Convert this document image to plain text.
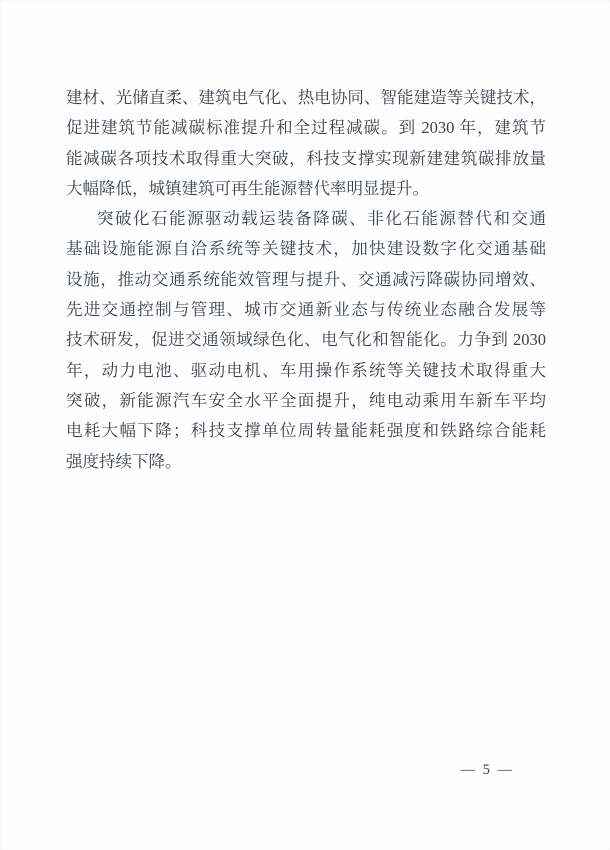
建材、光储直柔、建筑电气化、热电协同、智能建造等关键技术，

促进建筑节能减碳标准提升和全过程减碳。到 2030 年，建筑节

能减碳各项技术取得重大突破，科技支撑实现新建建筑碳排放量

大幅降低，城镇建筑可再生能源替代率明显提升。

突破化石能源驱动载运装备降碳、非化石能源替代和交通

基础设施能源自洽系统等关键技术，加快建设数字化交通基础

设施，推动交通系统能效管理与提升、交通减污降碳协同增效、

先进交通控制与管理、城市交通新业态与传统业态融合发展等

技术研发，促进交通领域绿色化、电气化和智能化。力争到 2030

年，动力电池、驱动电机、车用操作系统等关键技术取得重大

突破，新能源汽车安全水平全面提升，纯电动乘用车新车平均

电耗大幅下降；科技支撑单位周转量能耗强度和铁路综合能耗

强度持续下降。

— 5 —
